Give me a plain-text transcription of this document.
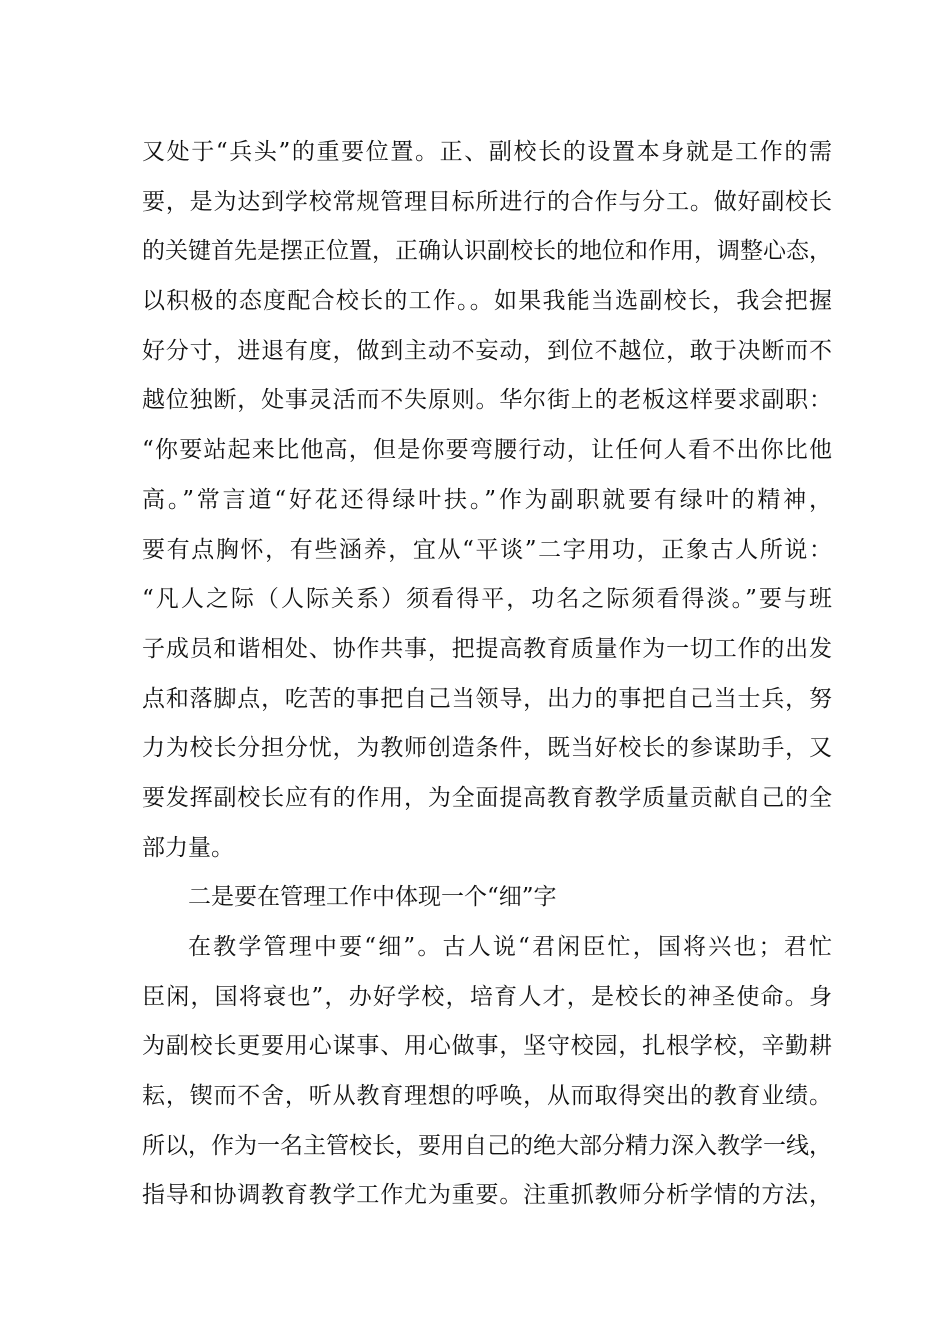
又处于“兵头”的重要位置。正、副校长的设置本身就是工作的需
要，是为达到学校常规管理目标所进行的合作与分工。做好副校长
的关键首先是摆正位置，正确认识副校长的地位和作用，调整心态，
以积极的态度配合校长的工作。。如果我能当选副校长，我会把握
好分寸，进退有度，做到主动不妄动，到位不越位，敢于决断而不
越位独断，处事灵活而不失原则。华尔街上的老板这样要求副职：
“你要站起来比他高，但是你要弯腰行动，让任何人看不出你比他
高。”常言道“好花还得绿叶扶。”作为副职就要有绿叶的精神，
要有点胸怀，有些涵养，宜从“平谈”二字用功，正象古人所说：
“凡人之际（人际关系）须看得平，功名之际须看得淡。”要与班
子成员和谐相处、协作共事，把提高教育质量作为一切工作的出发
点和落脚点，吃苦的事把自己当领导，出力的事把自己当士兵，努
力为校长分担分忧，为教师创造条件，既当好校长的参谋助手，又
要发挥副校长应有的作用，为全面提高教育教学质量贡献自己的全
部力量。
二是要在管理工作中体现一个“细”字
在教学管理中要“细”。古人说“君闲臣忙，国将兴也；君忙
臣闲，国将衰也”，办好学校，培育人才，是校长的神圣使命。身
为副校长更要用心谋事、用心做事，坚守校园，扎根学校，辛勤耕
耘，锲而不舍，听从教育理想的呼唤，从而取得突出的教育业绩。
所以，作为一名主管校长，要用自己的绝大部分精力深入教学一线，
指导和协调教育教学工作尤为重要。注重抓教师分析学情的方法，
